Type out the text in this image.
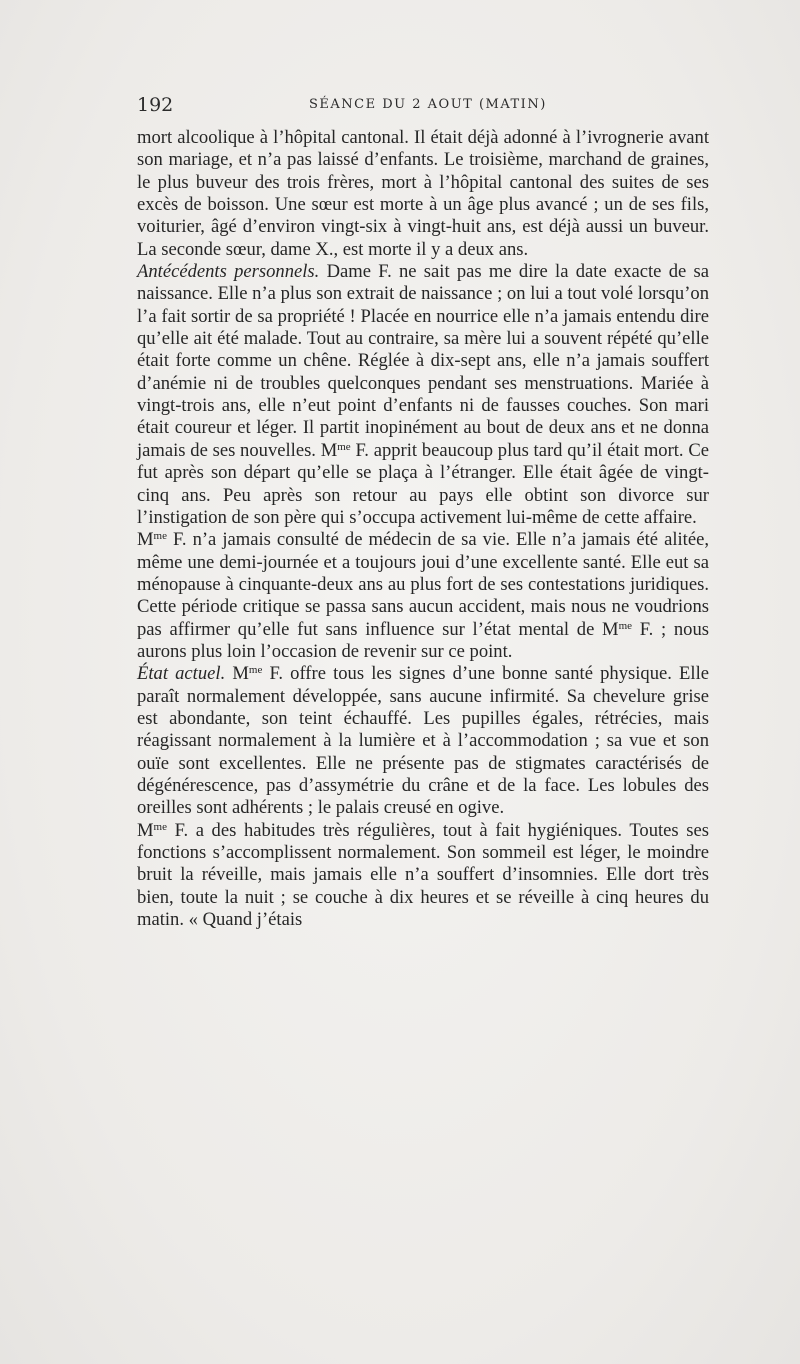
192	SÉANCE DU 2 AOUT (MATIN)

mort alcoolique à l’hôpital cantonal. Il était déjà adonné à l’ivrognerie avant son mariage, et n’a pas laissé d’enfants. Le troisième, marchand de graines, le plus buveur des trois frères, mort à l’hôpital cantonal des suites de ses excès de boisson. Une sœur est morte à un âge plus avancé ; un de ses fils, voiturier, âgé d’environ vingt-six à vingt-huit ans, est déjà aussi un buveur. La seconde sœur, dame X., est morte il y a deux ans.

Antécédents personnels. Dame F. ne sait pas me dire la date exacte de sa naissance. Elle n’a plus son extrait de naissance ; on lui a tout volé lorsqu’on l’a fait sortir de sa propriété ! Placée en nourrice elle n’a jamais entendu dire qu’elle ait été malade. Tout au contraire, sa mère lui a souvent répété qu’elle était forte comme un chêne. Réglée à dix-sept ans, elle n’a jamais souffert d’anémie ni de troubles quelconques pendant ses menstruations. Mariée à vingt-trois ans, elle n’eut point d’enfants ni de fausses couches. Son mari était coureur et léger. Il partit inopinément au bout de deux ans et ne donna jamais de ses nouvelles. $M^{me}$ F. apprit beaucoup plus tard qu’il était mort. Ce fut après son départ qu’elle se plaça à l’étranger. Elle était âgée de vingt-cinq ans. Peu après son retour au pays elle obtint son divorce sur l’instigation de son père qui s’occupa activement lui-même de cette affaire.

$M^{me}$ F. n’a jamais consulté de médecin de sa vie. Elle n’a jamais été alitée, même une demi-journée et a toujours joui d’une excellente santé. Elle eut sa ménopause à cinquante-deux ans au plus fort de ses contestations juridiques. Cette période critique se passa sans aucun accident, mais nous ne voudrions pas affirmer qu’elle fut sans influence sur l’état mental de $M^{me}$ F. ; nous aurons plus loin l’occasion de revenir sur ce point.

État actuel. $M^{me}$ F. offre tous les signes d’une bonne santé physique. Elle paraît normalement développée, sans aucune infirmité. Sa chevelure grise est abondante, son teint échauffé. Les pupilles égales, rétrécies, mais réagissant normalement à la lumière et à l’accommodation ; sa vue et son ouïe sont excellentes. Elle ne présente pas de stigmates caractérisés de dégénérescence, pas d’assymétrie du crâne et de la face. Les lobules des oreilles sont adhérents ; le palais creusé en ogive.

$M^{me}$ F. a des habitudes très régulières, tout à fait hygiéniques. Toutes ses fonctions s’accomplissent normalement. Son sommeil est léger, le moindre bruit la réveille, mais jamais elle n’a souffert d’insomnies. Elle dort très bien, toute la nuit ; se couche à dix heures et se réveille à cinq heures du matin. « Quand j’étais
